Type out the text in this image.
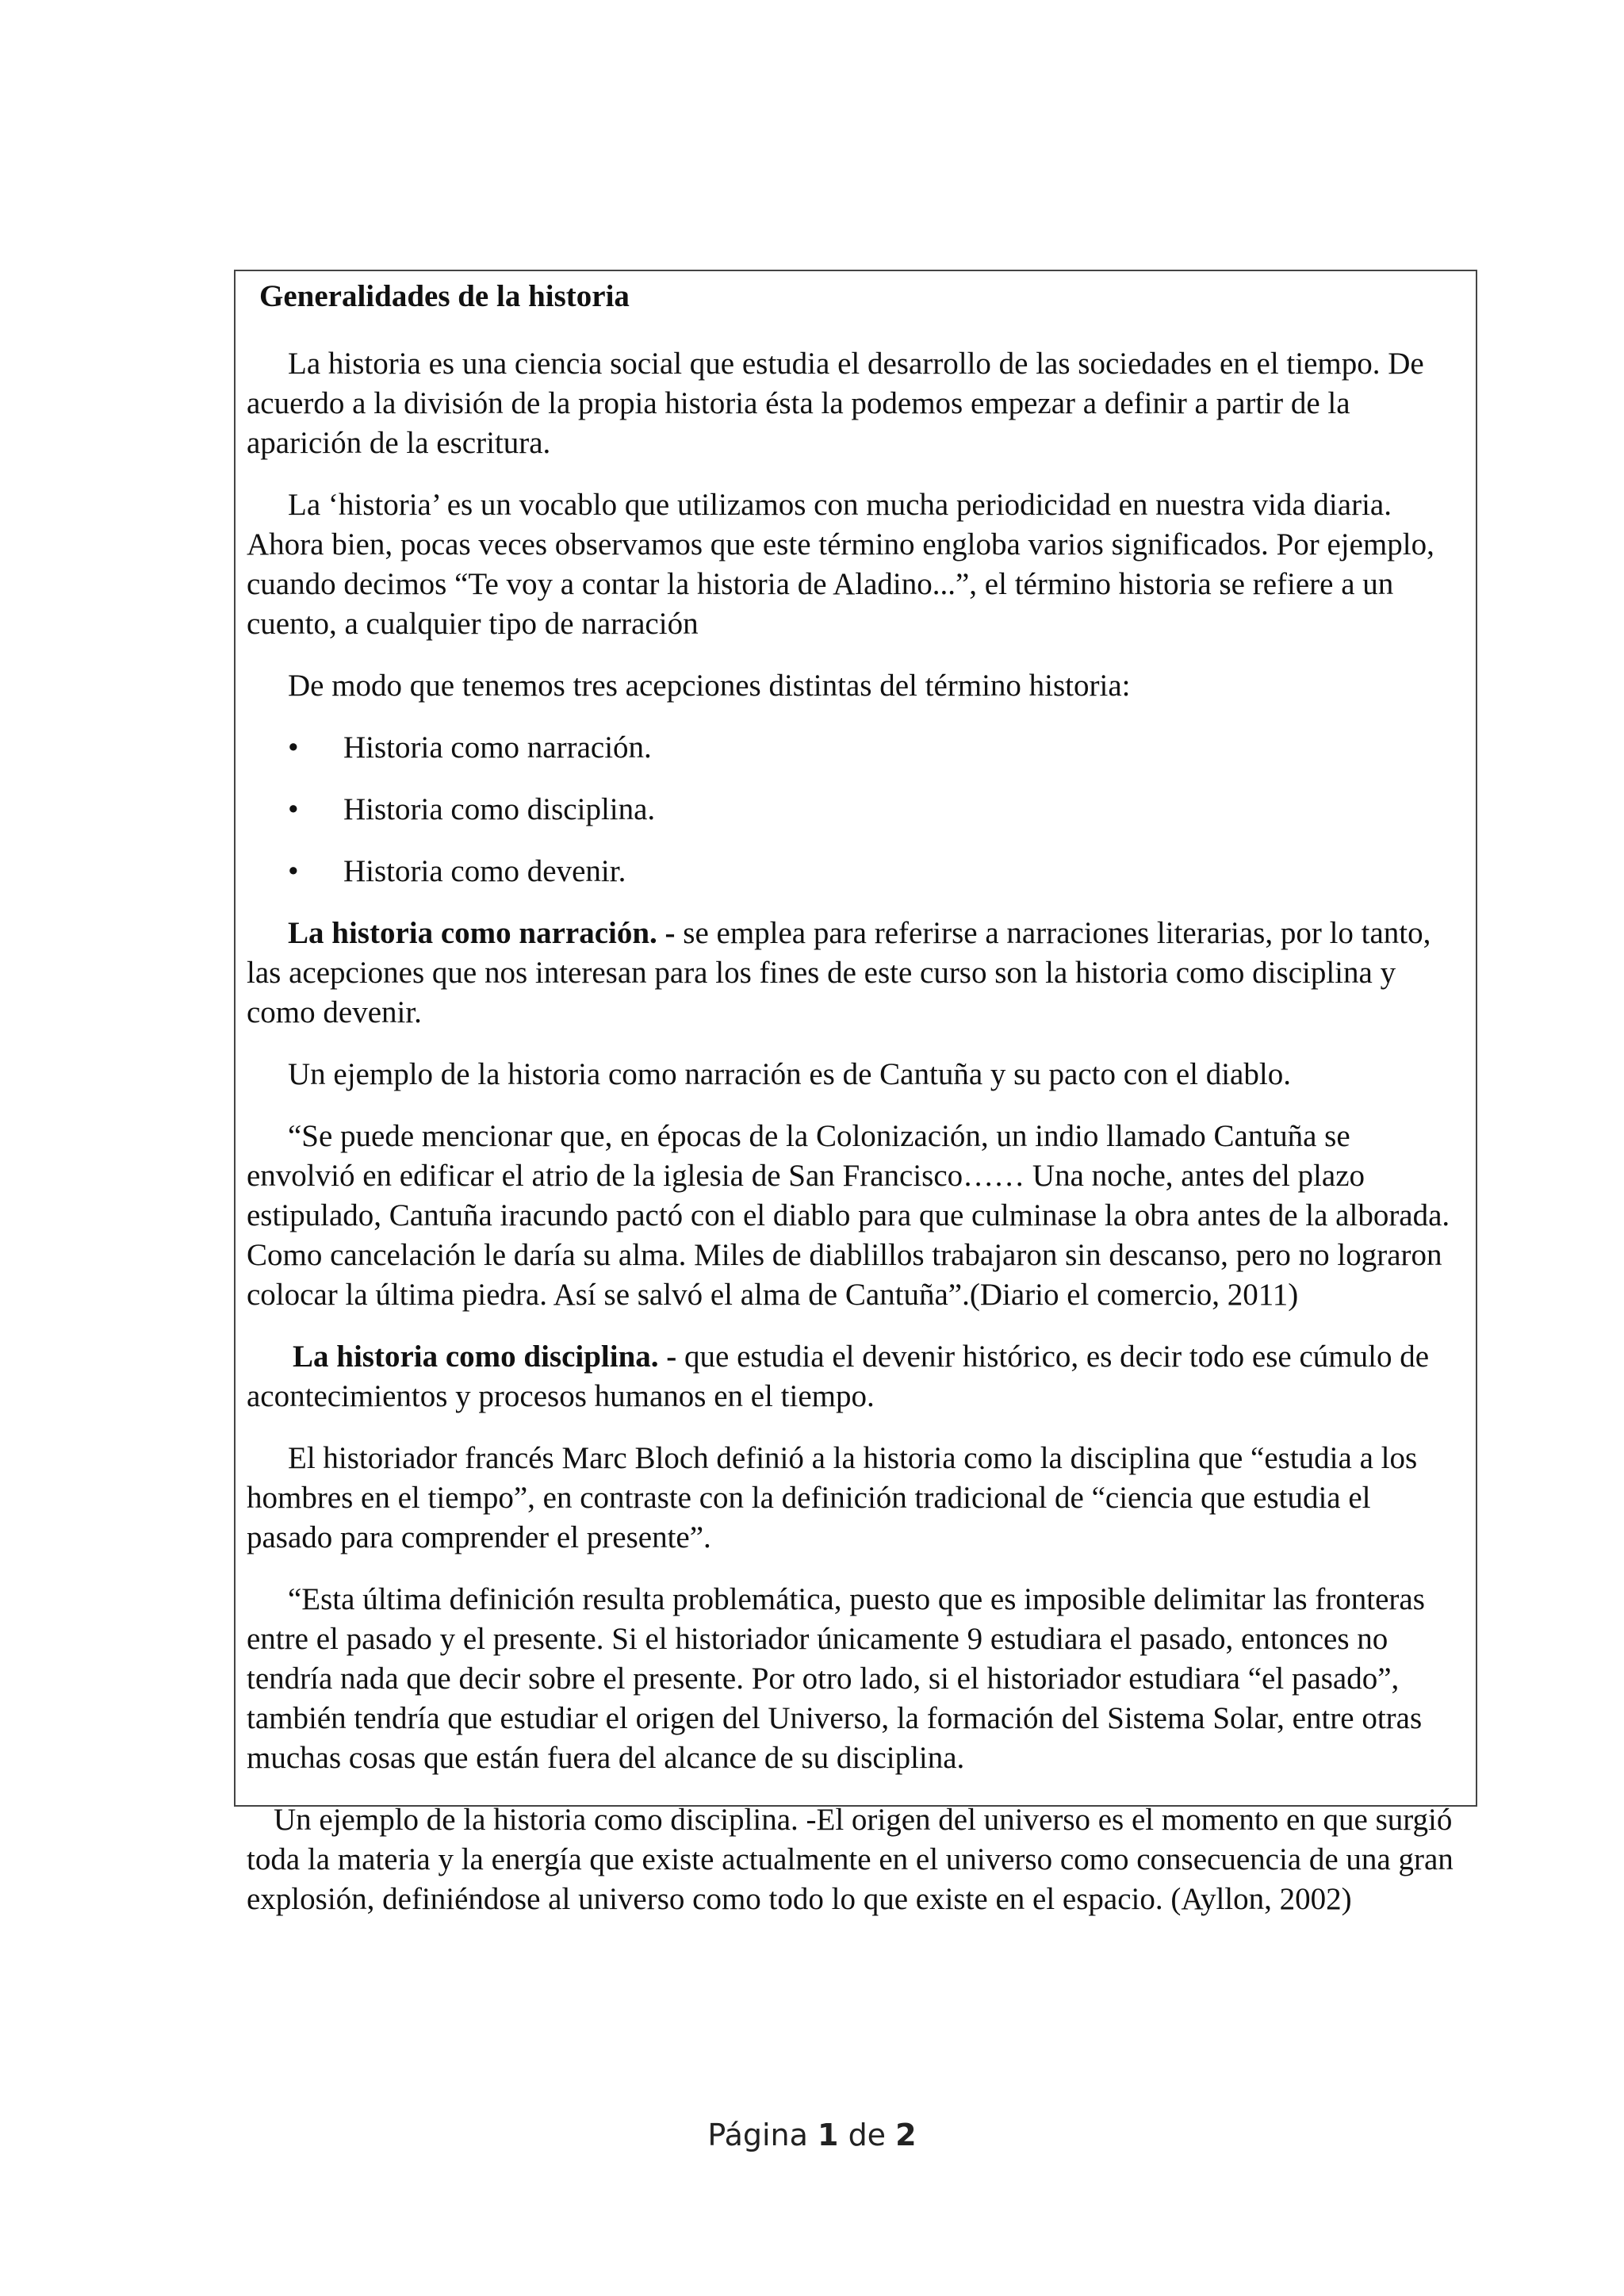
Generalidades de la historia

La historia es una ciencia social que estudia el desarrollo de las sociedades en el tiempo. De acuerdo a la división de la propia historia ésta la podemos empezar a definir a partir de la aparición de la escritura.

La ‘historia’ es un vocablo que utilizamos con mucha periodicidad en nuestra vida diaria. Ahora bien, pocas veces observamos que este término engloba varios significados. Por ejemplo, cuando decimos “Te voy a contar la historia de Aladino...”, el término historia se refiere a un cuento, a cualquier tipo de narración

De modo que tenemos tres acepciones distintas del término historia:

• Historia como narración.
• Historia como disciplina.
• Historia como devenir.

La historia como narración. - se emplea para referirse a narraciones literarias, por lo tanto, las acepciones que nos interesan para los fines de este curso son la historia como disciplina y como devenir.

Un ejemplo de la historia como narración es de Cantuña y su pacto con el diablo.

“Se puede mencionar que, en épocas de la Colonización, un indio llamado Cantuña se envolvió en edificar el atrio de la iglesia de San Francisco…… Una noche, antes del plazo estipulado, Cantuña iracundo pactó con el diablo para que culminase la obra antes de la alborada. Como cancelación le daría su alma. Miles de diablillos trabajaron sin descanso, pero no lograron colocar la última piedra. Así se salvó el alma de Cantuña”.(Diario el comercio, 2011)

La historia como disciplina. - que estudia el devenir histórico, es decir todo ese cúmulo de acontecimientos y procesos humanos en el tiempo.

El historiador francés Marc Bloch definió a la historia como la disciplina que “estudia a los hombres en el tiempo”, en contraste con la definición tradicional de “ciencia que estudia el pasado para comprender el presente”.

“Esta última definición resulta problemática, puesto que es imposible delimitar las fronteras entre el pasado y el presente. Si el historiador únicamente 9 estudiara el pasado, entonces no tendría nada que decir sobre el presente. Por otro lado, si el historiador estudiara “el pasado”, también tendría que estudiar el origen del Universo, la formación del Sistema Solar, entre otras muchas cosas que están fuera del alcance de su disciplina.

Un ejemplo de la historia como disciplina. -El origen del universo es el momento en que surgió toda la materia y la energía que existe actualmente en el universo como consecuencia de una gran explosión, definiéndose al universo como todo lo que existe en el espacio. (Ayllon, 2002)

Página 1 de 2
